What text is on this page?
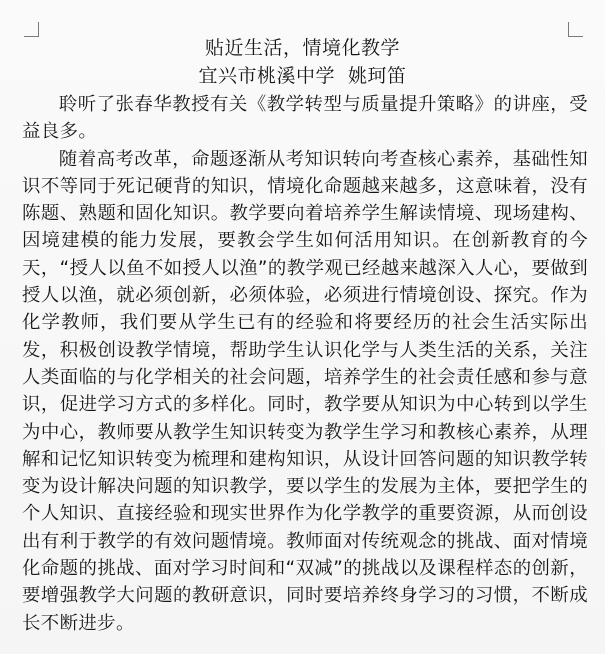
贴近生活，情境化教学
宜兴市桃溪中学  姚珂笛

聆听了张春华教授有关《教学转型与质量提升策略》的讲座，受益良多。

随着高考改革，命题逐渐从考知识转向考查核心素养，基础性知识不等同于死记硬背的知识，情境化命题越来越多，这意味着，没有陈题、熟题和固化知识。教学要向着培养学生解读情境、现场建构、因境建模的能力发展，要教会学生如何活用知识。在创新教育的今天，“授人以鱼不如授人以渔”的教学观已经越来越深入人心，要做到授人以渔，就必须创新，必须体验，必须进行情境创设、探究。作为化学教师，我们要从学生已有的经验和将要经历的社会生活实际出发，积极创设教学情境，帮助学生认识化学与人类生活的关系，关注人类面临的与化学相关的社会问题，培养学生的社会责任感和参与意识，促进学习方式的多样化。同时，教学要从知识为中心转到以学生为中心，教师要从教学生知识转变为教学生学习和教核心素养，从理解和记忆知识转变为梳理和建构知识，从设计回答问题的知识教学转变为设计解决问题的知识教学，要以学生的发展为主体，要把学生的个人知识、直接经验和现实世界作为化学教学的重要资源，从而创设出有利于教学的有效问题情境。教师面对传统观念的挑战、面对情境化命题的挑战、面对学习时间和“双减”的挑战以及课程样态的创新，要增强教学大问题的教研意识，同时要培养终身学习的习惯，不断成长不断进步。
